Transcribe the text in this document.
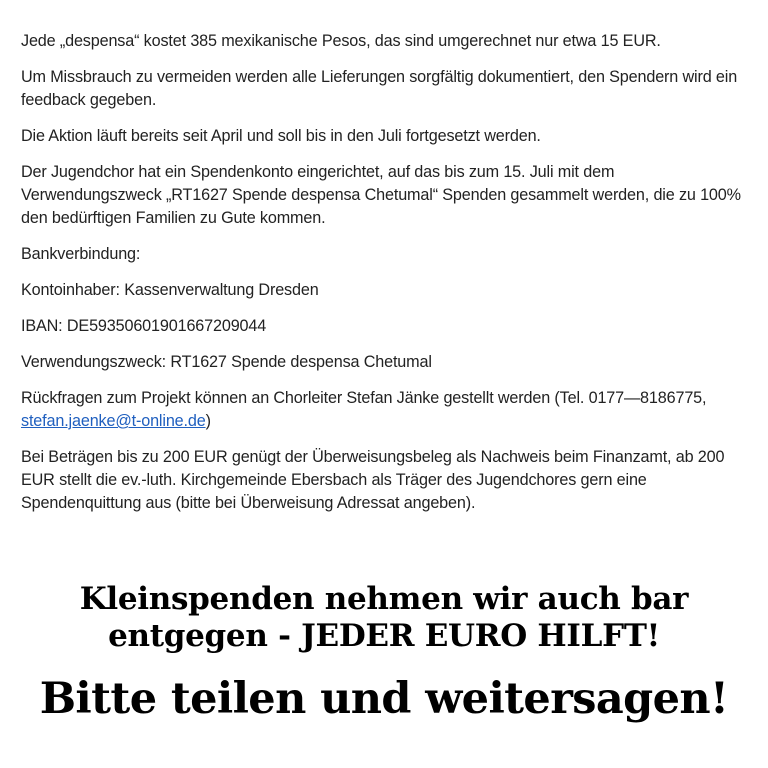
Jede „despensa“ kostet 385 mexikanische Pesos, das sind umgerechnet nur etwa 15 EUR.

Um Missbrauch zu vermeiden werden alle Lieferungen sorgfältig dokumentiert, den Spendern wird ein feedback gegeben.

Die Aktion läuft bereits seit April und soll bis in den Juli fortgesetzt werden.

Der Jugendchor hat ein Spendenkonto eingerichtet, auf das bis zum 15. Juli mit dem Verwendungszweck „RT1627 Spende despensa Chetumal“ Spenden gesammelt werden, die zu 100% den bedürftigen Familien zu Gute kommen.

Bankverbindung:

Kontoinhaber: Kassenverwaltung Dresden

IBAN: DE59350601901667209044

Verwendungszweck: RT1627 Spende despensa Chetumal

Rückfragen zum Projekt können an Chorleiter Stefan Jänke gestellt werden (Tel. 0177—8186775, stefan.jaenke@t-online.de)

Bei Beträgen bis zu 200 EUR genügt der Überweisungsbeleg als Nachweis beim Finanzamt, ab 200 EUR stellt die ev.-luth. Kirchgemeinde Ebersbach als Träger des Jugendchores gern eine Spendenquittung aus (bitte bei Überweisung Adressat angeben).

Kleinspenden nehmen wir auch bar
entgegen - JEDER EURO HILFT!
Bitte teilen und weitersagen!
